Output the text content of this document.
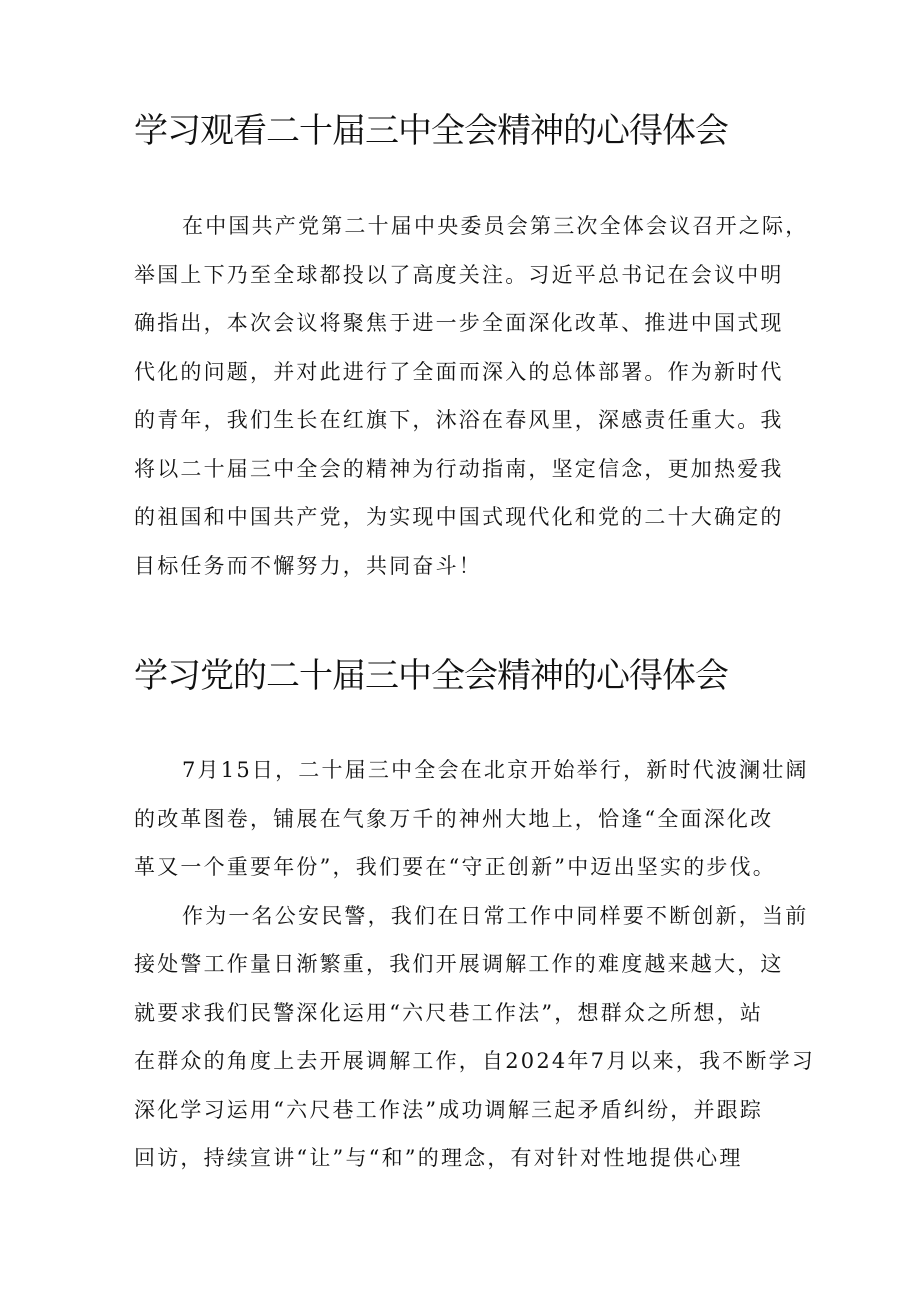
学习观看二十届三中全会精神的心得体会
在中国共产党第二十届中央委员会第三次全体会议召开之际，
举国上下乃至全球都投以了高度关注。习近平总书记在会议中明
确指出，本次会议将聚焦于进一步全面深化改革、推进中国式现
代化的问题，并对此进行了全面而深入的总体部署。作为新时代
的青年，我们生长在红旗下，沐浴在春风里，深感责任重大。我
将以二十届三中全会的精神为行动指南，坚定信念，更加热爱我
的祖国和中国共产党，为实现中国式现代化和党的二十大确定的
目标任务而不懈努力，共同奋斗！
学习党的二十届三中全会精神的心得体会
7月15日，二十届三中全会在北京开始举行，新时代波澜壮阔
的改革图卷，铺展在气象万千的神州大地上，恰逢“全面深化改
革又一个重要年份”，我们要在“守正创新”中迈出坚实的步伐。
作为一名公安民警，我们在日常工作中同样要不断创新，当前
接处警工作量日渐繁重，我们开展调解工作的难度越来越大，这
就要求我们民警深化运用“六尺巷工作法”，想群众之所想，站
在群众的角度上去开展调解工作，自2024年7月以来，我不断学习
深化学习运用“六尺巷工作法”成功调解三起矛盾纠纷，并跟踪
回访，持续宣讲“让”与“和”的理念，有对针对性地提供心理
